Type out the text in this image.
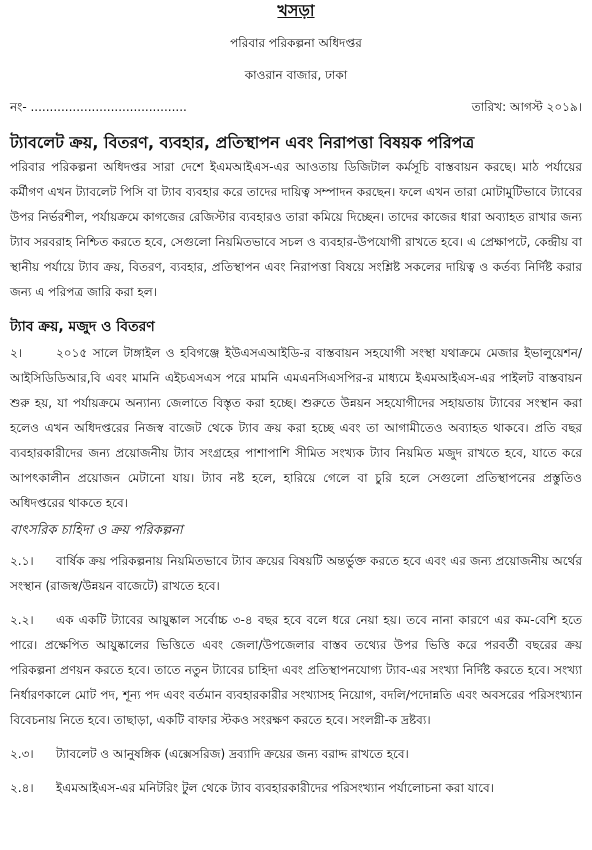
খসড়া
পরিবার পরিকল্পনা অধিদপ্তর
কাওরান বাজার, ঢাকা
নং- .........................................	তারিখ: আগস্ট ২০১৯।
ট্যাবলেট ক্রয়, বিতরণ, ব্যবহার, প্রতিস্থাপন এবং নিরাপত্তা বিষয়ক পরিপত্র
পরিবার পরিকল্পনা অধিদপ্তর সারা দেশে ইএমআইএস-এর আওতায় ডিজিটাল কর্মসূচি বাস্তবায়ন করছে। মাঠ পর্যায়ের কর্মীগণ এখন ট্যাবলেট পিসি বা ট্যাব ব্যবহার করে তাদের দায়িত্ব সম্পাদন করছেন। ফলে এখন তারা মোটামুটিভাবে ট্যাবের উপর নির্ভরশীল, পর্যায়ক্রমে কাগজের রেজিস্টার ব্যবহারও তারা কমিয়ে দিচ্ছেন। তাদের কাজের ধারা অব্যাহত রাখার জন্য ট্যাব সরবরাহ নিশ্চিত করতে হবে, সেগুলো নিয়মিতভাবে সচল ও ব্যবহার-উপযোগী রাখতে হবে। এ প্রেক্ষাপটে, কেন্দ্রীয় বা স্থানীয় পর্যায়ে ট্যাব ক্রয়, বিতরণ, ব্যবহার, প্রতিস্থাপন এবং নিরাপত্তা বিষয়ে সংশ্লিষ্ট সকলের দায়িত্ব ও কর্তব্য নির্দিষ্ট করার জন্য এ পরিপত্র জারি করা হল।
ট্যাব ক্রয়, মজুদ ও বিতরণ
২।	২০১৫ সালে টাঙ্গাইল ও হবিগঞ্জে ইউএসএআইডি-র বাস্তবায়ন সহযোগী সংস্থা যথাক্রমে মেজার ইভালুয়েশন/আইসিডিডিআর,বি এবং মামনি এইচএসএস পরে মামনি এমএনসিএসপির-র মাধ্যমে ইএমআইএস-এর পাইলট বাস্তবায়ন শুরু হয়, যা পর্যায়ক্রমে অন্যান্য জেলাতে বিস্তৃত করা হচ্ছে। শুরুতে উন্নয়ন সহযোগীদের সহায়তায় ট্যাবের সংস্থান করা হলেও এখন অধিদপ্তরের নিজস্ব বাজেট থেকে ট্যাব ক্রয় করা হচ্ছে এবং তা আগামীতেও অব্যাহত থাকবে। প্রতি বছর ব্যবহারকারীদের জন্য প্রয়োজনীয় ট্যাব সংগ্রহের পাশাপাশি সীমিত সংখ্যক ট্যাব নিয়মিত মজুদ রাখতে হবে, যাতে করে আপৎকালীন প্রয়োজন মেটানো যায়। ট্যাব নষ্ট হলে, হারিয়ে গেলে বা চুরি হলে সেগুলো প্রতিস্থাপনের প্রস্তুতিও অধিদপ্তরের থাকতে হবে।
বাৎসরিক চাহিদা ও ক্রয় পরিকল্পনা
২.১। বার্ষিক ক্রয় পরিকল্পনায় নিয়মিতভাবে ট্যাব ক্রয়ের বিষয়টি অন্তর্ভুক্ত করতে হবে এবং এর জন্য প্রয়োজনীয় অর্থের সংস্থান (রাজস্ব/উন্নয়ন বাজেটে) রাখতে হবে।
২.২। এক একটি ট্যাবের আয়ুষ্কাল সর্বোচ্চ ৩-৪ বছর হবে বলে ধরে নেয়া হয়। তবে নানা কারণে এর কম-বেশি হতে পারে। প্রক্ষেপিত আয়ুষ্কালের ভিত্তিতে এবং জেলা/উপজেলার বাস্তব তথ্যের উপর ভিত্তি করে পরবর্তী বছরের ক্রয় পরিকল্পনা প্রণয়ন করতে হবে। তাতে নতুন ট্যাবের চাহিদা এবং প্রতিস্থাপনযোগ্য ট্যাব-এর সংখ্যা নির্দিষ্ট করতে হবে। সংখ্যা নির্ধারণকালে মোট পদ, শূন্য পদ এবং বর্তমান ব্যবহারকারীর সংখ্যাসহ নিয়োগ, বদলি/পদোন্নতি এবং অবসরের পরিসংখ্যান বিবেচনায় নিতে হবে। তাছাড়া, একটি বাফার স্টকও সংরক্ষণ করতে হবে। সংলগ্নী-ক দ্রষ্টব্য।
২.৩। ট্যাবলেট ও আনুষঙ্গিক (এক্সেসরিজ) দ্রব্যাদি ক্রয়ের জন্য বরাদ্দ রাখতে হবে।
২.৪। ইএমআইএস-এর মনিটরিং টুল থেকে ট্যাব ব্যবহারকারীদের পরিসংখ্যান পর্যালোচনা করা যাবে।
